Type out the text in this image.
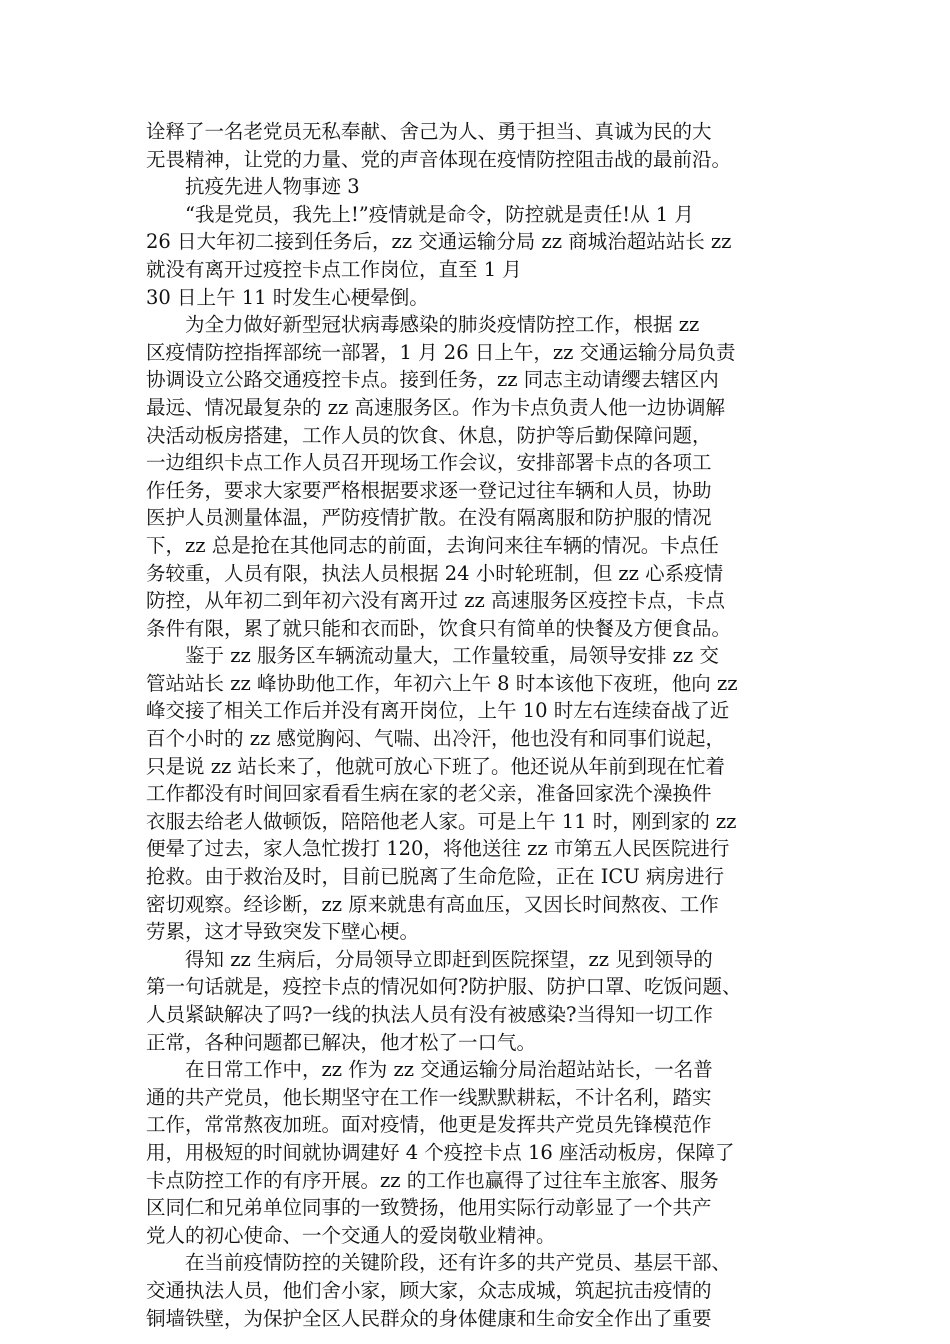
诠释了一名老党员无私奉献、舍己为人、勇于担当、真诚为民的大
无畏精神，让党的力量、党的声音体现在疫情防控阻击战的最前沿。

抗疫先进人物事迹 3

“我是党员，我先上!”疫情就是命令，防控就是责任!从 1 月
26 日大年初二接到任务后，zz 交通运输分局 zz 商城治超站站长 zz
就没有离开过疫控卡点工作岗位，直至 1 月
30 日上午 11 时发生心梗晕倒。

为全力做好新型冠状病毒感染的肺炎疫情防控工作，根据 zz
区疫情防控指挥部统一部署，1 月 26 日上午，zz 交通运输分局负责
协调设立公路交通疫控卡点。接到任务，zz 同志主动请缨去辖区内
最远、情况最复杂的 zz 高速服务区。作为卡点负责人他一边协调解
决活动板房搭建，工作人员的饮食、休息，防护等后勤保障问题，
一边组织卡点工作人员召开现场工作会议，安排部署卡点的各项工
作任务，要求大家要严格根据要求逐一登记过往车辆和人员，协助
医护人员测量体温，严防疫情扩散。在没有隔离服和防护服的情况
下，zz 总是抢在其他同志的前面，去询问来往车辆的情况。卡点任
务较重，人员有限，执法人员根据 24 小时轮班制，但 zz 心系疫情
防控，从年初二到年初六没有离开过 zz 高速服务区疫控卡点，卡点
条件有限，累了就只能和衣而卧，饮食只有简单的快餐及方便食品。

鉴于 zz 服务区车辆流动量大，工作量较重，局领导安排 zz 交
管站站长 zz 峰协助他工作，年初六上午 8 时本该他下夜班，他向 zz
峰交接了相关工作后并没有离开岗位，上午 10 时左右连续奋战了近
百个小时的 zz 感觉胸闷、气喘、出冷汗，他也没有和同事们说起，
只是说 zz 站长来了，他就可放心下班了。他还说从年前到现在忙着
工作都没有时间回家看看生病在家的老父亲，准备回家洗个澡换件
衣服去给老人做顿饭，陪陪他老人家。可是上午 11 时，刚到家的 zz
便晕了过去，家人急忙拨打 120，将他送往 zz 市第五人民医院进行
抢救。由于救治及时，目前已脱离了生命危险，正在 ICU 病房进行
密切观察。经诊断，zz 原来就患有高血压，又因长时间熬夜、工作
劳累，这才导致突发下壁心梗。

得知 zz 生病后，分局领导立即赶到医院探望，zz 见到领导的
第一句话就是，疫控卡点的情况如何?防护服、防护口罩、吃饭问题、
人员紧缺解决了吗?一线的执法人员有没有被感染?当得知一切工作
正常，各种问题都已解决，他才松了一口气。

在日常工作中，zz 作为 zz 交通运输分局治超站站长，一名普
通的共产党员，他长期坚守在工作一线默默耕耘，不计名利，踏实
工作，常常熬夜加班。面对疫情，他更是发挥共产党员先锋模范作
用，用极短的时间就协调建好 4 个疫控卡点 16 座活动板房，保障了
卡点防控工作的有序开展。zz 的工作也赢得了过往车主旅客、服务
区同仁和兄弟单位同事的一致赞扬，他用实际行动彰显了一个共产
党人的初心使命、一个交通人的爱岗敬业精神。

在当前疫情防控的关键阶段，还有许多的共产党员、基层干部、
交通执法人员，他们舍小家，顾大家，众志成城，筑起抗击疫情的
铜墙铁壁，为保护全区人民群众的身体健康和生命安全作出了重要
